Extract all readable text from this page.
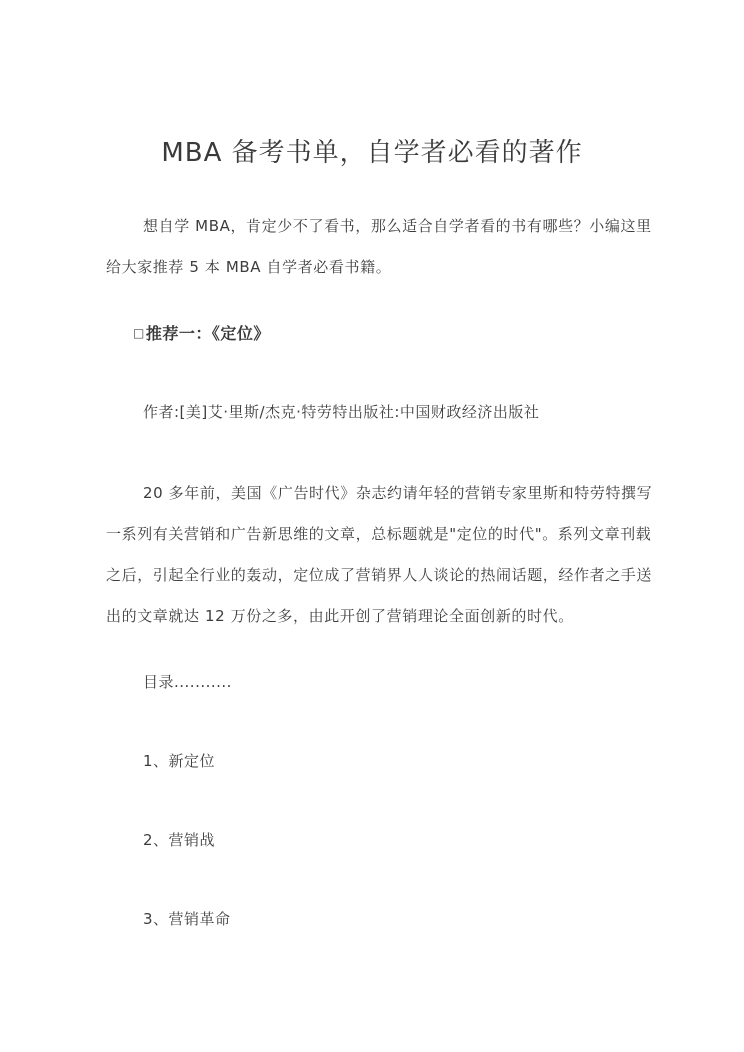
MBA 备考书单，自学者必看的著作
想自学 MBA，肯定少不了看书，那么适合自学者看的书有哪些？小编这里
给大家推荐 5 本 MBA 自学者必看书籍。
□推荐一：《定位》
作者:[美]艾·里斯/杰克·特劳特出版社:中国财政经济出版社
20 多年前，美国《广告时代》杂志约请年轻的营销专家里斯和特劳特撰写
一系列有关营销和广告新思维的文章，总标题就是"定位的时代"。系列文章刊载
之后，引起全行业的轰动，定位成了营销界人人谈论的热闹话题，经作者之手送
出的文章就达 12 万份之多，由此开创了营销理论全面创新的时代。
目录...........
1、新定位
2、营销战
3、营销革命
